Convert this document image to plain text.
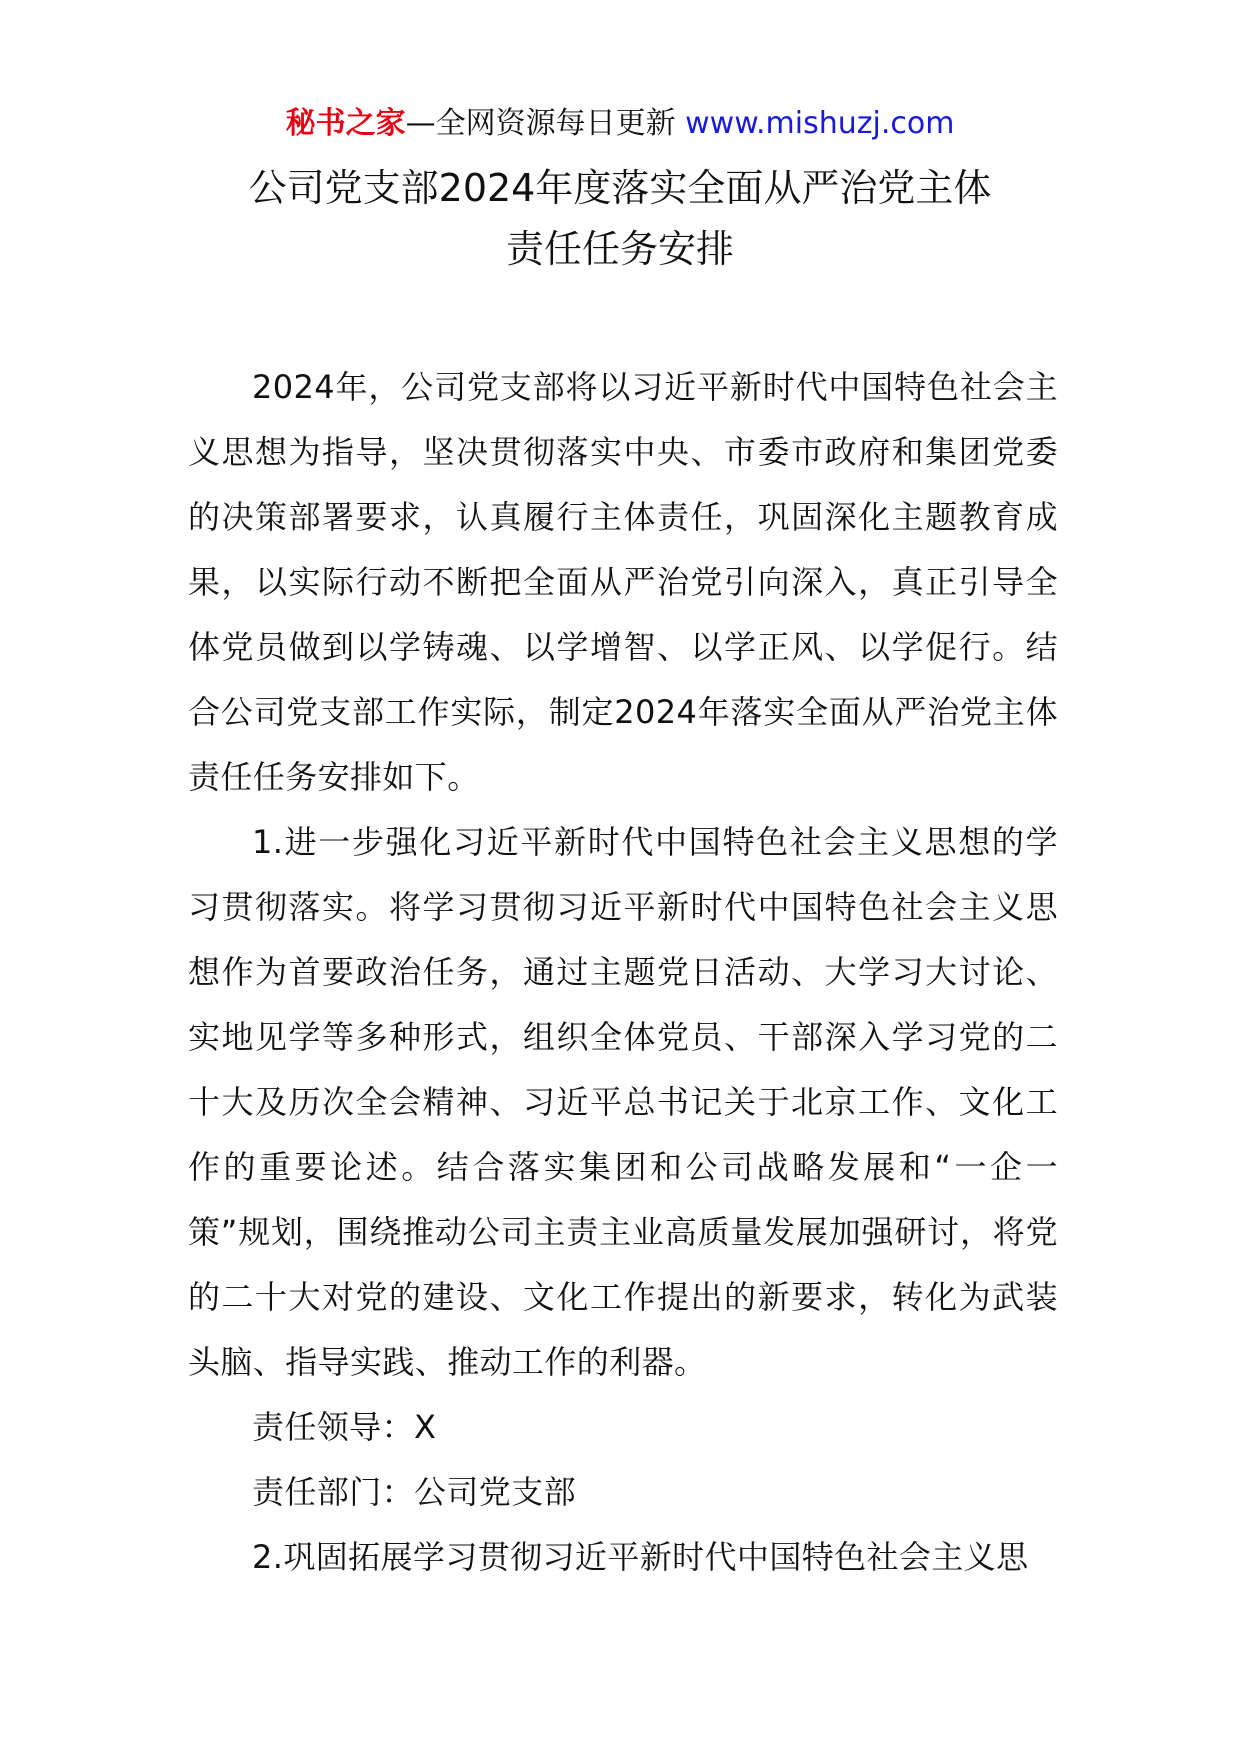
秘书之家—全网资源每日更新 www.mishuzj.com
公司党支部2024年度落实全面从严治党主体
责任任务安排

2024年，公司党支部将以习近平新时代中国特色社会主义思想为指导，坚决贯彻落实中央、市委市政府和集团党委的决策部署要求，认真履行主体责任，巩固深化主题教育成果，以实际行动不断把全面从严治党引向深入，真正引导全体党员做到以学铸魂、以学增智、以学正风、以学促行。结合公司党支部工作实际，制定2024年落实全面从严治党主体责任任务安排如下。

1.进一步强化习近平新时代中国特色社会主义思想的学习贯彻落实。将学习贯彻习近平新时代中国特色社会主义思想作为首要政治任务，通过主题党日活动、大学习大讨论、实地见学等多种形式，组织全体党员、干部深入学习党的二十大及历次全会精神、习近平总书记关于北京工作、文化工作的重要论述。结合落实集团和公司战略发展和“一企一策”规划，围绕推动公司主责主业高质量发展加强研讨，将党的二十大对党的建设、文化工作提出的新要求，转化为武装头脑、指导实践、推动工作的利器。

责任领导：X

责任部门：公司党支部

2.巩固拓展学习贯彻习近平新时代中国特色社会主义思
